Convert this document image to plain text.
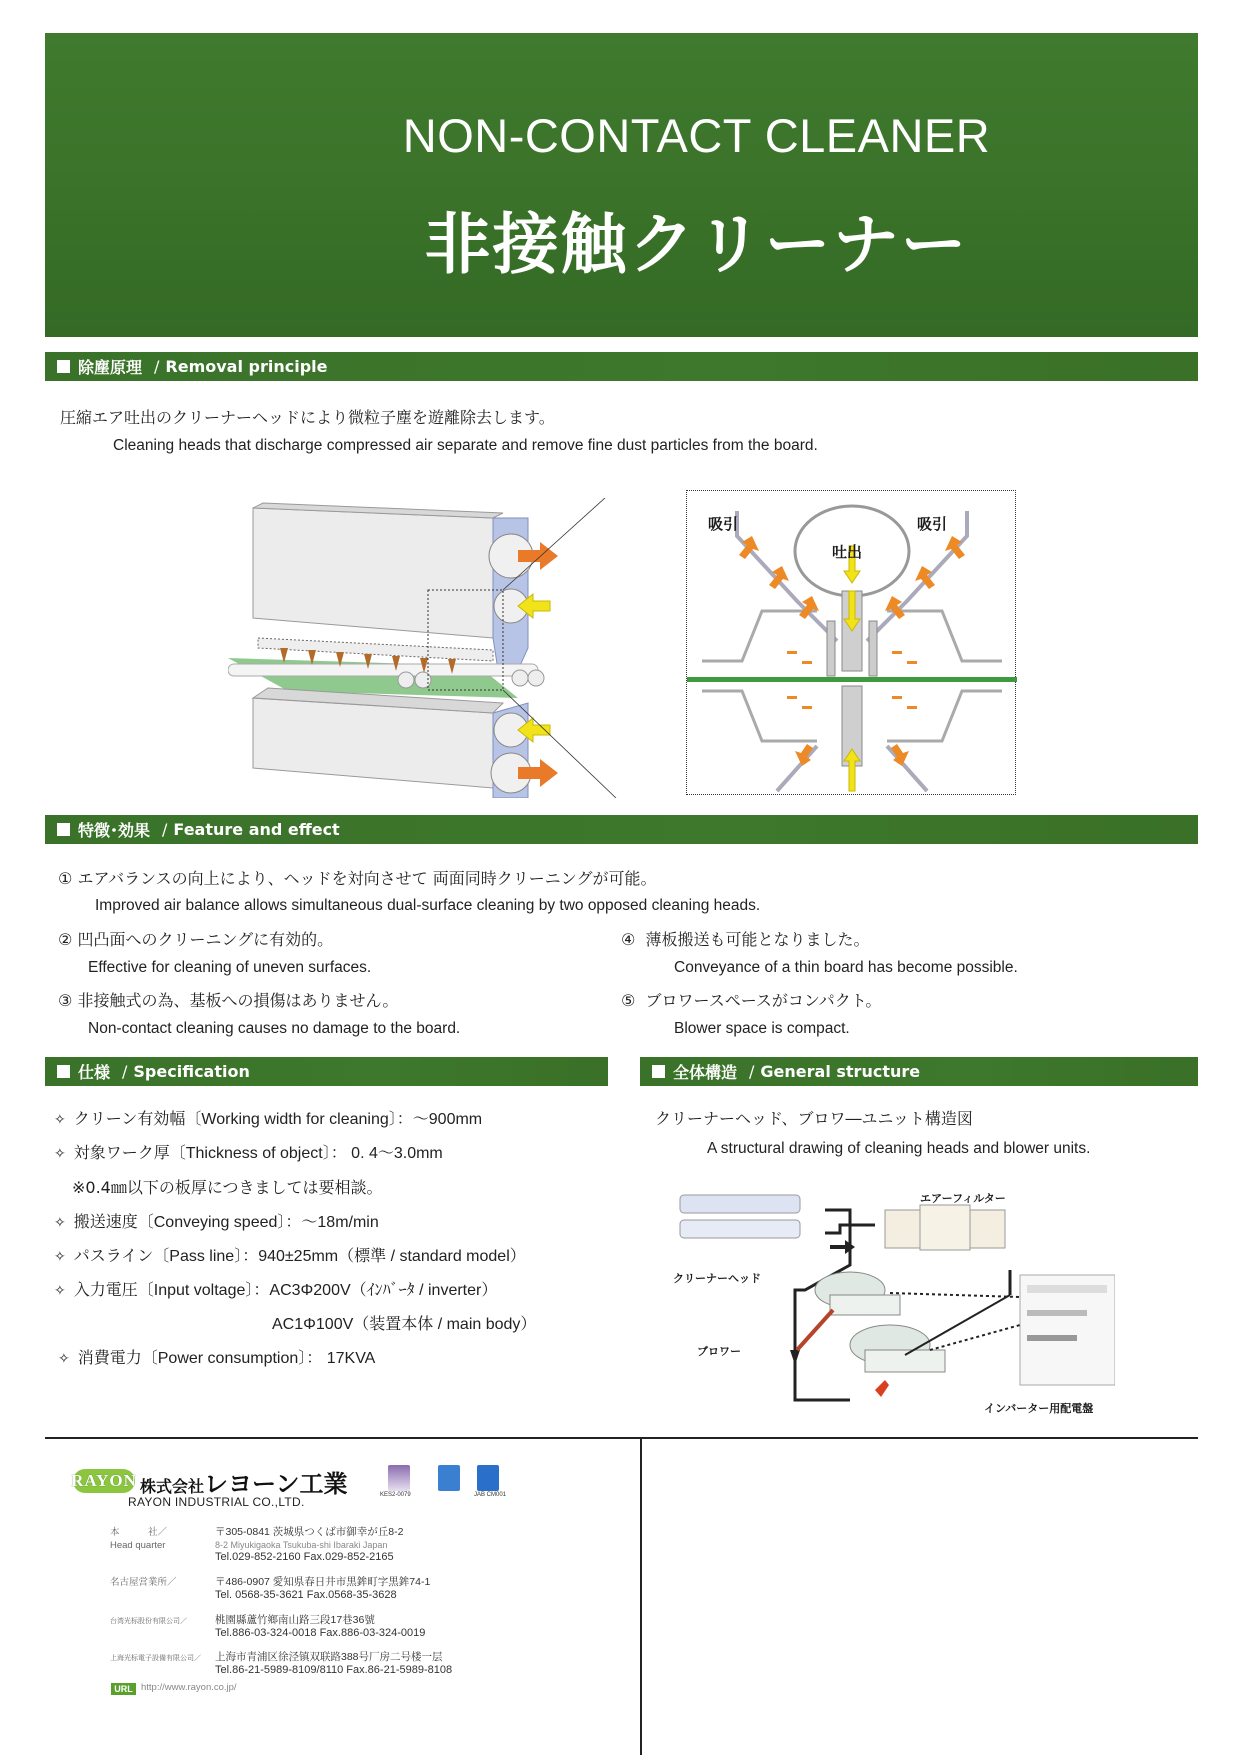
NON-CONTACT CLEANER
非接触クリーナー
除塵原理 / Removal principle
圧縮エア吐出のクリーナーヘッドにより微粒子塵を遊離除去します。
Cleaning heads that discharge compressed air separate and remove fine dust particles from the board.
吸引
吐出
吸引
特徴･効果 / Feature and effect
① エアバランスの向上により、ヘッドを対向させて 両面同時クリーニングが可能。
Improved air balance allows simultaneous dual-surface cleaning by two opposed cleaning heads.
② 凹凸面へのクリーニングに有効的。
Effective for cleaning of uneven surfaces.
③ 非接触式の為、基板への損傷はありません。
Non-contact cleaning causes no damage to the board.
④ 薄板搬送も可能となりました。
Conveyance of a thin board has become possible.
⑤ ブロワースペースがコンパクト。
Blower space is compact.
仕様 / Specification
✧ クリーン有効幅〔Working width for cleaning〕：～900mm
✧ 対象ワーク厚〔Thickness of object〕： 0. 4～3.0mm
※0.4㎜以下の板厚につきましては要相談。
✧ 搬送速度〔Conveying speed〕：～18m/min
✧ パスライン〔Pass line〕：940±25mm（標準 / standard model）
✧ 入力電圧〔Input voltage〕：AC3Φ200V（ｲﾝﾊﾞｰﾀ / inverter）
AC1Φ100V（装置本体 / main body）
✧ 消費電力〔Power consumption〕： 17KVA
全体構造 / General structure
クリーナーヘッド、ブロワ―ユニット構造図
A structural drawing of cleaning heads and blower units.
エアーフィルター
クリーナーヘッド
ブロワー
インバーター用配電盤
RAYON 株式会社レヨーン工業
RAYON INDUSTRIAL CO.,LTD.	KES2-0079	JAB CM001
本　　　社／	〒305-0841 茨城県つくば市御幸が丘8-2
Head quarter	8-2 Miyukigaoka Tsukuba-shi Ibaraki Japan
Tel.029-852-2160 Fax.029-852-2165
名古屋営業所／	〒486-0907 愛知県春日井市黒鉾町字黒鉾74-1
Tel. 0568-35-3621 Fax.0568-35-3628
台湾光标股份有限公司／	桃園縣蘆竹鄉南山路三段17巷36號
Tel.886-03-324-0018 Fax.886-03-324-0019
上海光标電子設備有限公司／ 上海市青浦区徐泾镇双联路388号厂房二号楼一层
Tel.86-21-5989-8109/8110 Fax.86-21-5989-8108
URL http://www.rayon.co.jp/
